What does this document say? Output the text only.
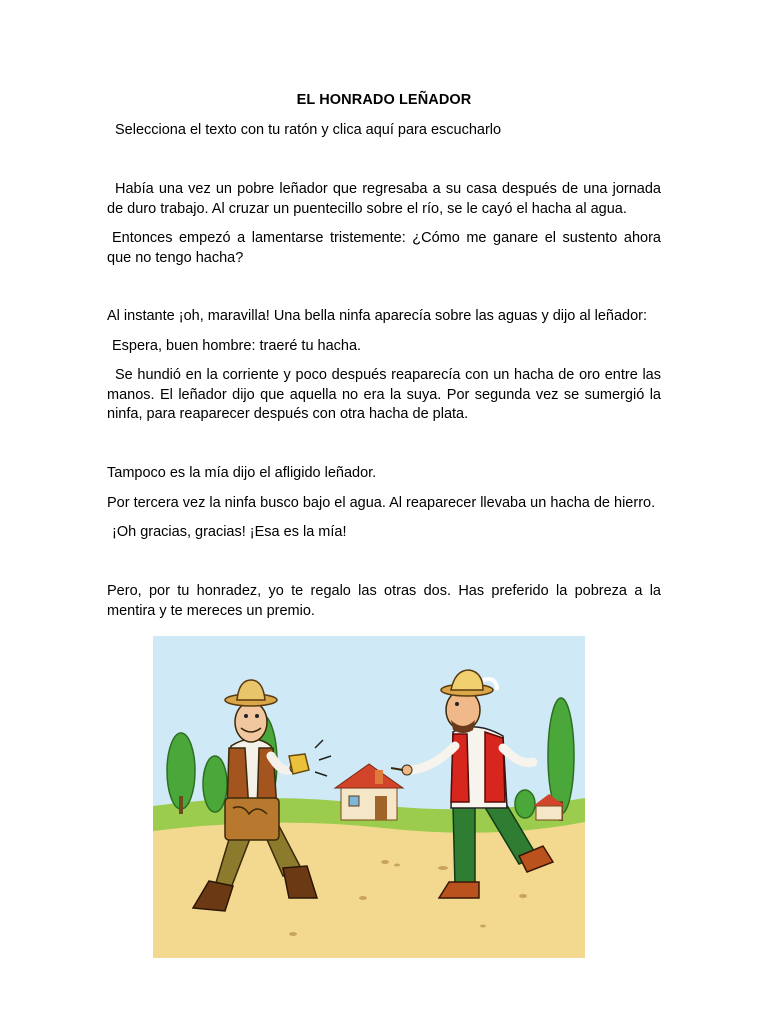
EL HONRADO LEÑADOR
Selecciona el texto con tu ratón y clica aquí para escucharlo
Había una vez un pobre leñador que regresaba a su casa después de una jornada de duro trabajo. Al cruzar un puentecillo sobre el río, se le cayó el hacha al agua.
Entonces empezó a lamentarse tristemente: ¿Cómo me ganare el sustento ahora que no tengo hacha?
Al instante ¡oh, maravilla! Una bella ninfa aparecía sobre las aguas y dijo al leñador:
Espera, buen hombre: traeré tu hacha.
Se hundió en la corriente y poco después reaparecía con un hacha de oro entre las manos. El leñador dijo que aquella no era la suya. Por segunda vez se sumergió la ninfa, para reaparecer después con otra hacha de plata.
Tampoco es la mía dijo el afligido leñador.
Por tercera vez la ninfa busco bajo el agua. Al reaparecer llevaba un hacha de hierro.
¡Oh gracias, gracias! ¡Esa es la mía!
Pero, por tu honradez, yo te regalo las otras dos. Has preferido la pobreza a la mentira y te mereces un premio.
